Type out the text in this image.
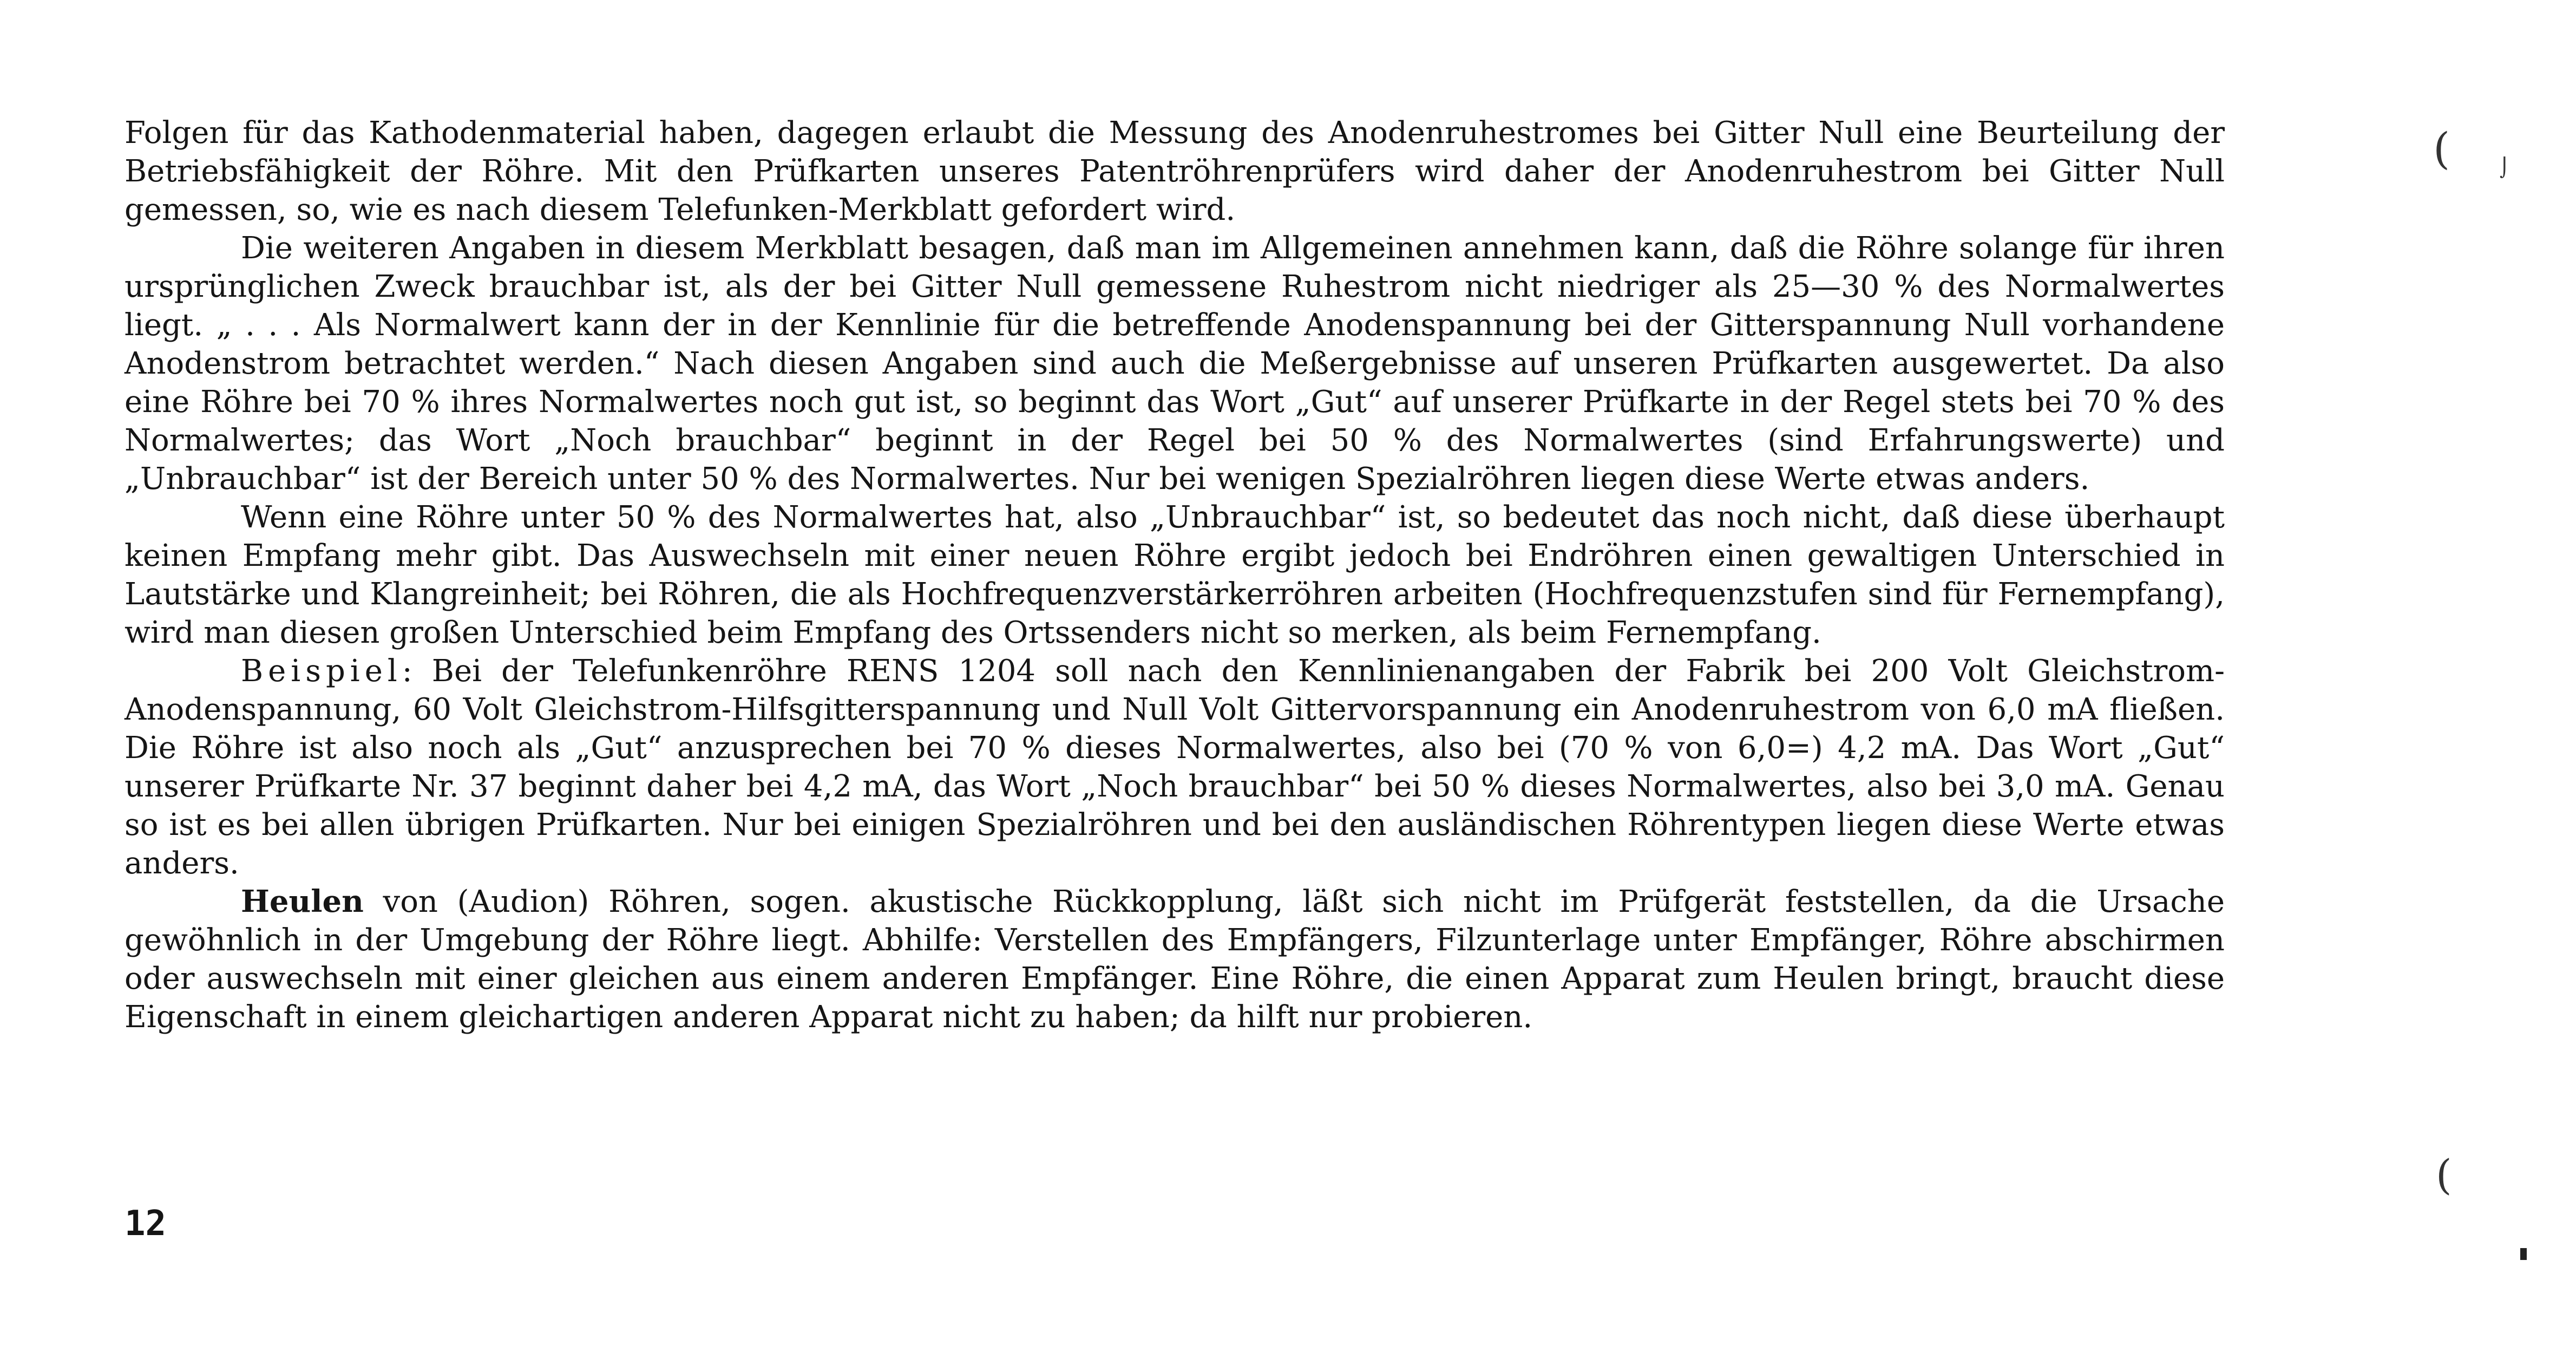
Folgen für das Kathodenmaterial haben, dagegen erlaubt die Messung des Anodenruhestromes bei Gitter Null eine Beurteilung der Betriebsfähigkeit der Röhre. Mit den Prüfkarten unseres Patentröhrenprüfers wird daher der Anodenruhestrom bei Gitter Null gemessen, so, wie es nach diesem Telefunken-Merkblatt gefordert wird.

Die weiteren Angaben in diesem Merkblatt besagen, daß man im Allgemeinen annehmen kann, daß die Röhre solange für ihren ursprünglichen Zweck brauchbar ist, als der bei Gitter Null gemessene Ruhestrom nicht niedriger als 25—30 % des Normalwertes liegt. „ . . . Als Normalwert kann der in der Kennlinie für die betreffende Anodenspannung bei der Gitterspannung Null vorhandene Anodenstrom betrachtet werden.“ Nach diesen Angaben sind auch die Meßergebnisse auf unseren Prüfkarten ausgewertet. Da also eine Röhre bei 70 % ihres Normalwertes noch gut ist, so beginnt das Wort „Gut“ auf unserer Prüfkarte in der Regel stets bei 70 % des Normalwertes; das Wort „Noch brauchbar“ beginnt in der Regel bei 50 % des Normalwertes (sind Erfahrungswerte) und „Unbrauchbar“ ist der Bereich unter 50 % des Normalwertes. Nur bei wenigen Spezialröhren liegen diese Werte etwas anders.

Wenn eine Röhre unter 50 % des Normalwertes hat, also „Unbrauchbar“ ist, so bedeutet das noch nicht, daß diese überhaupt keinen Empfang mehr gibt. Das Auswechseln mit einer neuen Röhre ergibt jedoch bei Endröhren einen gewaltigen Unterschied in Lautstärke und Klangreinheit; bei Röhren, die als Hochfrequenzverstärkerröhren arbeiten (Hochfrequenzstufen sind für Fernempfang), wird man diesen großen Unterschied beim Empfang des Ortssenders nicht so merken, als beim Fernempfang.

Beispiel: Bei der Telefunkenröhre RENS 1204 soll nach den Kennlinienangaben der Fabrik bei 200 Volt Gleichstrom-Anodenspannung, 60 Volt Gleichstrom-Hilfsgitterspannung und Null Volt Gittervorspannung ein Anodenruhestrom von 6,0 mA fließen. Die Röhre ist also noch als „Gut“ anzusprechen bei 70 % dieses Normalwertes, also bei (70 % von 6,0=) 4,2 mA. Das Wort „Gut“ unserer Prüfkarte Nr. 37 beginnt daher bei 4,2 mA, das Wort „Noch brauchbar“ bei 50 % dieses Normalwertes, also bei 3,0 mA. Genau so ist es bei allen übrigen Prüfkarten. Nur bei einigen Spezialröhren und bei den ausländischen Röhrentypen liegen diese Werte etwas anders.

Heulen von (Audion) Röhren, sogen. akustische Rückkopplung, läßt sich nicht im Prüfgerät feststellen, da die Ursache gewöhnlich in der Umgebung der Röhre liegt. Abhilfe: Verstellen des Empfängers, Filzunterlage unter Empfänger, Röhre abschirmen oder auswechseln mit einer gleichen aus einem anderen Empfänger. Eine Röhre, die einen Apparat zum Heulen bringt, braucht diese Eigenschaft in einem gleichartigen anderen Apparat nicht zu haben; da hilft nur probieren.

12
(	⌡
(
